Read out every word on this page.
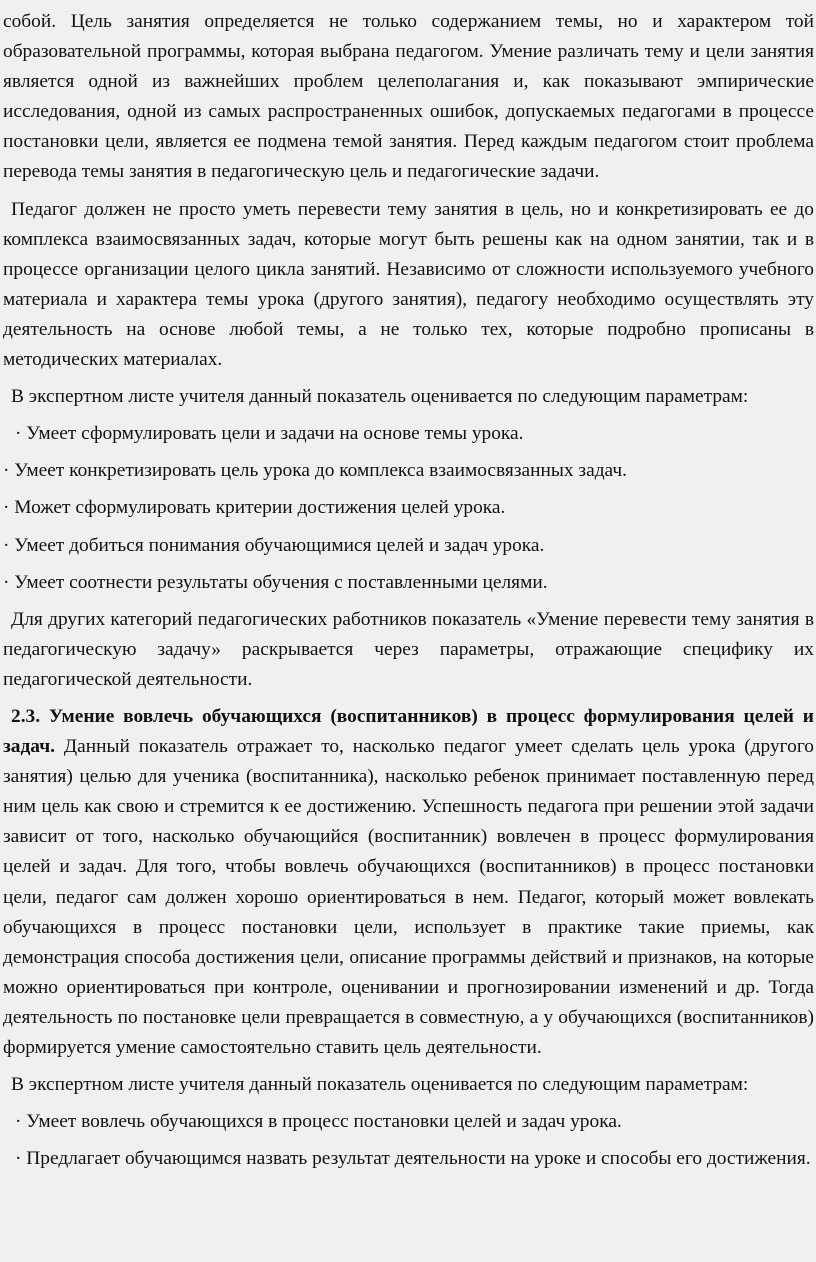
собой. Цель занятия определяется не только содержанием темы, но и характером той образовательной программы, которая выбрана педагогом. Умение различать тему и цели занятия является одной из важнейших проблем целеполагания и, как показывают эмпирические исследования, одной из самых распространенных ошибок, допускаемых педагогами в процессе постановки цели, является ее подмена темой занятия. Перед каждым педагогом стоит проблема перевода темы занятия в педагогическую цель и педагогические задачи.

Педагог должен не просто уметь перевести тему занятия в цель, но и конкретизировать ее до комплекса взаимосвязанных задач, которые могут быть решены как на одном занятии, так и в процессе организации целого цикла занятий. Независимо от сложности используемого учебного материала и характера темы урока (другого занятия), педагогу необходимо осуществлять эту деятельность на основе любой темы, а не только тех, которые подробно прописаны в методических материалах.

В экспертном листе учителя данный показатель оценивается по следующим параметрам:

· Умеет сформулировать цели и задачи на основе темы урока.

· Умеет конкретизировать цель урока до комплекса взаимосвязанных задач.

· Может сформулировать критерии достижения целей урока.

· Умеет добиться понимания обучающимися целей и задач урока.

· Умеет соотнести результаты обучения с поставленными целями.

Для других категорий педагогических работников показатель «Умение перевести тему занятия в педагогическую задачу» раскрывается через параметры, отражающие специфику их педагогической деятельности.

2.3. Умение вовлечь обучающихся (воспитанников) в процесс формулирования целей и задач. Данный показатель отражает то, насколько педагог умеет сделать цель урока (другого занятия) целью для ученика (воспитанника), насколько ребенок принимает поставленную перед ним цель как свою и стремится к ее достижению. Успешность педагога при решении этой задачи зависит от того, насколько обучающийся (воспитанник) вовлечен в процесс формулирования целей и задач. Для того, чтобы вовлечь обучающихся (воспитанников) в процесс постановки цели, педагог сам должен хорошо ориентироваться в нем. Педагог, который может вовлекать обучающихся в процесс постановки цели, использует в практике такие приемы, как демонстрация способа достижения цели, описание программы действий и признаков, на которые можно ориентироваться при контроле, оценивании и прогнозировании изменений и др. Тогда деятельность по постановке цели превращается в совместную, а у обучающихся (воспитанников) формируется умение самостоятельно ставить цель деятельности.

В экспертном листе учителя данный показатель оценивается по следующим параметрам:

· Умеет вовлечь обучающихся в процесс постановки целей и задач урока.

· Предлагает обучающимся назвать результат деятельности на уроке и способы его достижения.
